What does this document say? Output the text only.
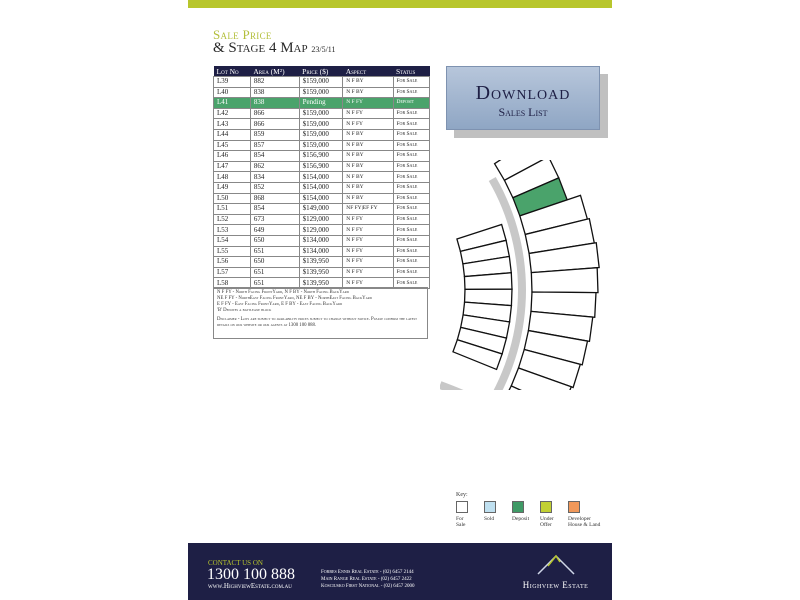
Sale Price
& Stage 4 Map 23/5/11
Lot No	Area (M²)	Price ($)	Aspect	Status
L39	882	$159,000	N F BY	For Sale
L40	838	$159,000	N F BY	For Sale
L41	838	Pending	N F FY	Deposit
L42	866	$159,000	N F FY	For Sale
L43	866	$159,000	N F FY	For Sale
L44	859	$159,000	N F BY	For Sale
L45	857	$159,000	N F BY	For Sale
L46	854	$156,900	N F BY	For Sale
L47	862	$156,900	N F BY	For Sale
L48	834	$154,000	N F BY	For Sale
L49	852	$154,000	N F BY	For Sale
L50	868	$154,000	N F BY	For Sale
L51	854	$149,000	NF FY|EF FY	For Sale
L52	673	$129,000	N F FY	For Sale
L53	649	$129,000	N F FY	For Sale
L54	650	$134,000	N F FY	For Sale
L55	651	$134,000	N F FY	For Sale
L56	650	$139,950	N F FY	For Sale
L57	651	$139,950	N F FY	For Sale
L58	651	$139,950	N F FY	For Sale
N F FY - North Facing FrontYard, N F BY - North Facing BackYard
NE F FY - NorthEast Facing FrontYard, NE F BY - NorthEast Facing BackYard
E F FY - East Facing FrontYard, E F BY - East Facing BackYard
'B' Denotes a battleaxe block
Disclaimer - Lots are subject to availability prices subject to change without notice. Please confirm the latest details on our website or our agents at 1300 100 888.
Download
Sales List
Key:
For Sale
Sold	Deposit Under Offer
Developer House & Land
CONTACT US ON
1300 100 888
www.HighviewEstate.com.au
Forbes Ennis Real Estate - (02) 6457 2144
Main Range Real Estate - (02) 6457 2422
Kosciusko First National - (02) 6457 2000	Highview Estate
